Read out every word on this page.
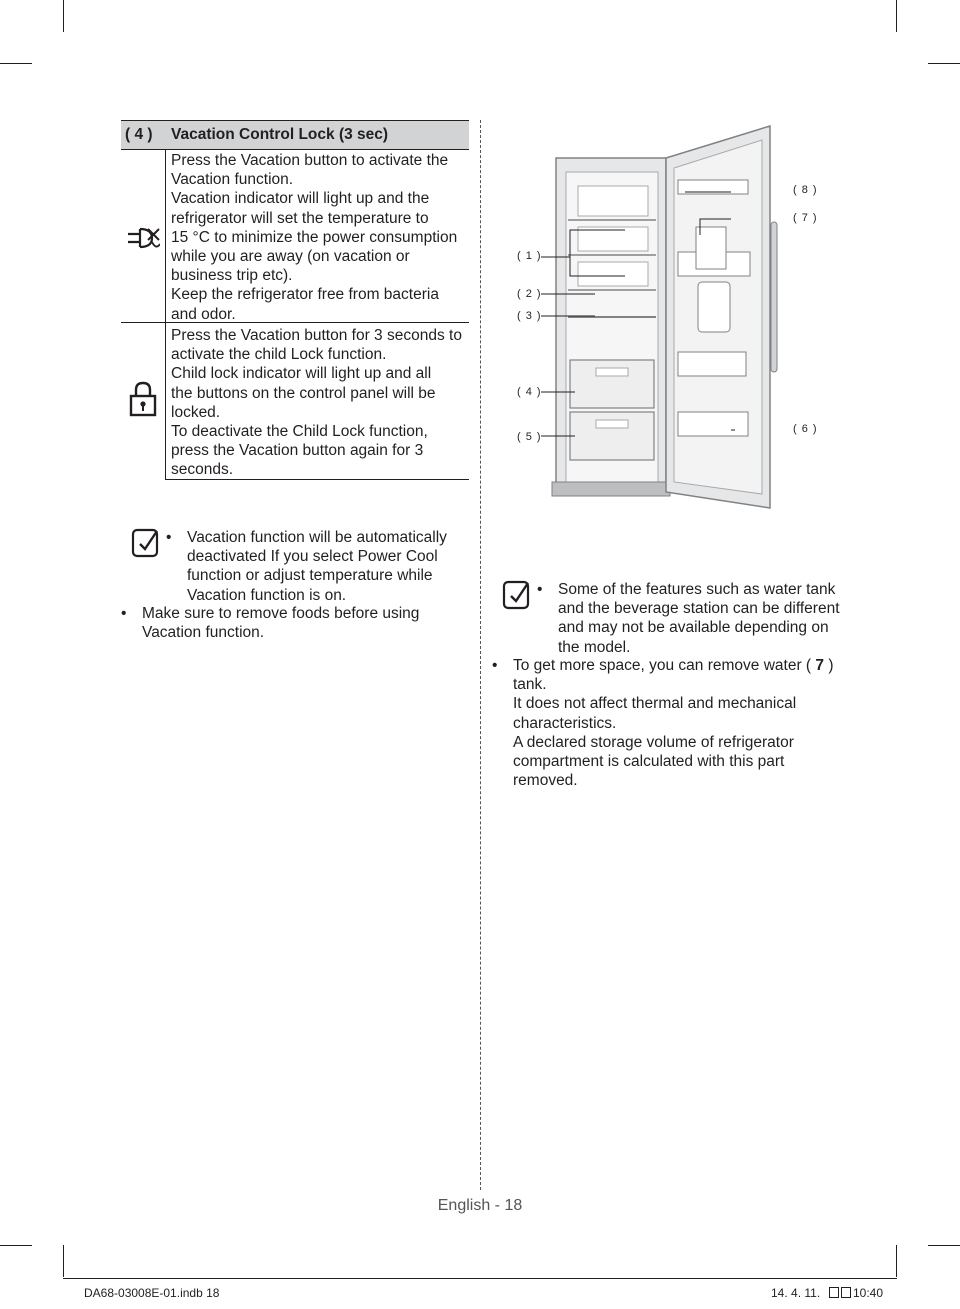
( 4 ) Vacation Control Lock (3 sec)

Press the Vacation button to activate the

Vacation function.

Vacation indicator will light up and the

refrigerator will set the temperature to

15 °C to minimize the power consumption

while you are away (on vacation or

business trip etc).

Keep the refrigerator free from bacteria

and odor.

Press the Vacation button for 3 seconds to

activate the child Lock function.

Child lock indicator will light up and all

the buttons on the control panel will be

locked.

To deactivate the Child Lock function,

press the Vacation button again for 3

seconds.

( 1 )
( 2 )
( 3 )
( 4 )
( 5 )
( 6 )
( 7 )
( 8 )
• Vacation function will be automatically

deactivated If you select Power Cool

function or adjust temperature while

Vacation function is on.

• Make sure to remove foods before using

Vacation function.

• Some of the features such as water tank

and the beverage station can be different

and may not be available depending on

the model.

• To get more space, you can remove water ( 7 )

tank.

It does not affect thermal and mechanical

characteristics.

A declared storage volume of refrigerator

compartment is calculated with this part

removed.

English - 18
DA68-03008E-01.indb 18	14. 4. 11.	10:40
